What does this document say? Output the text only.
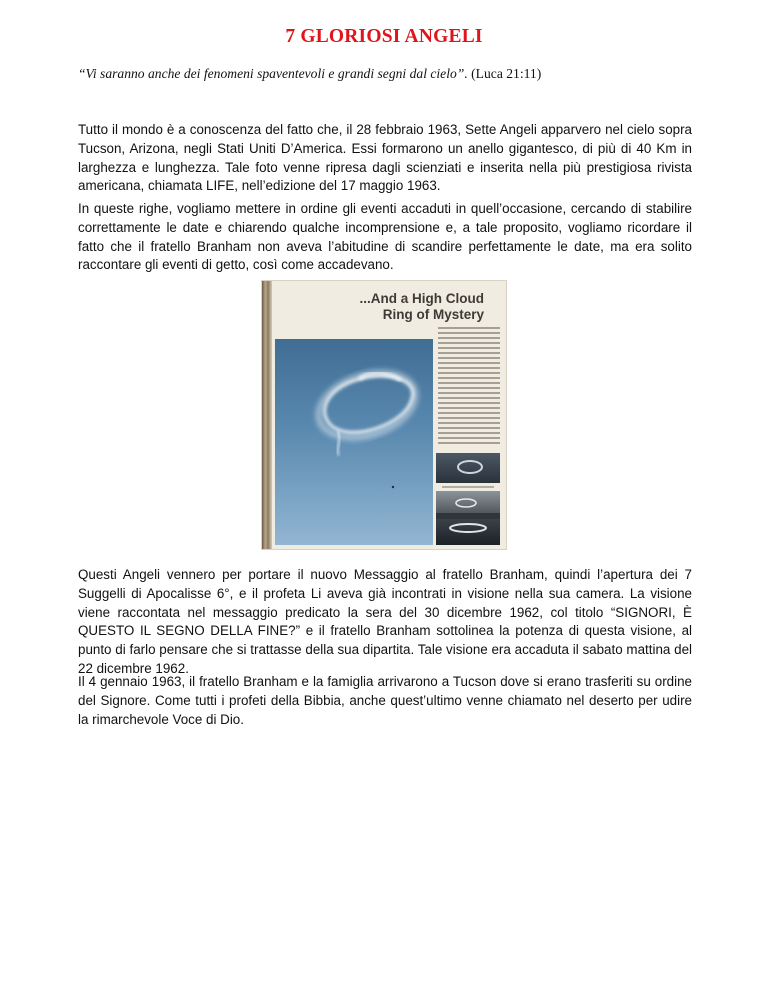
7 GLORIOSI ANGELI
“Vi saranno anche dei fenomeni spaventevoli e grandi segni dal cielo”. (Luca 21:11)

Tutto il mondo è a conoscenza del fatto che, il 28 febbraio 1963, Sette Angeli apparvero nel cielo sopra Tucson, Arizona, negli Stati Uniti D’America. Essi formarono un anello gigantesco, di più di 40 Km in larghezza e lunghezza. Tale foto venne ripresa dagli scienziati e inserita nella più prestigiosa rivista americana, chiamata LIFE, nell’edizione del 17 maggio 1963.

In queste righe, vogliamo mettere in ordine gli eventi accaduti in quell’occasione, cercando di stabilire correttamente le date e chiarendo qualche incomprensione e, a tale proposito, vogliamo ricordare il fatto che il fratello Branham non aveva l’abitudine di scandire perfettamente le date, ma era solito raccontare gli eventi di getto, così come accadevano.

...And a High Cloud
Ring of Mystery

Questi Angeli vennero per portare il nuovo Messaggio al fratello Branham, quindi l’apertura dei 7 Suggelli di Apocalisse 6°, e il profeta Li aveva già incontrati in visione nella sua camera. La visione viene raccontata nel messaggio predicato la sera del 30 dicembre 1962, col titolo “SIGNORI, È QUESTO IL SEGNO DELLA FINE?” e il fratello Branham sottolinea la potenza di questa visione, al punto di farlo pensare che si trattasse della sua dipartita. Tale visione era accaduta il sabato mattina del 22 dicembre 1962.

Il 4 gennaio 1963, il fratello Branham e la famiglia arrivarono a Tucson dove si erano trasferiti su ordine del Signore. Come tutti i profeti della Bibbia, anche quest’ultimo venne chiamato nel deserto per udire la rimarchevole Voce di Dio.
